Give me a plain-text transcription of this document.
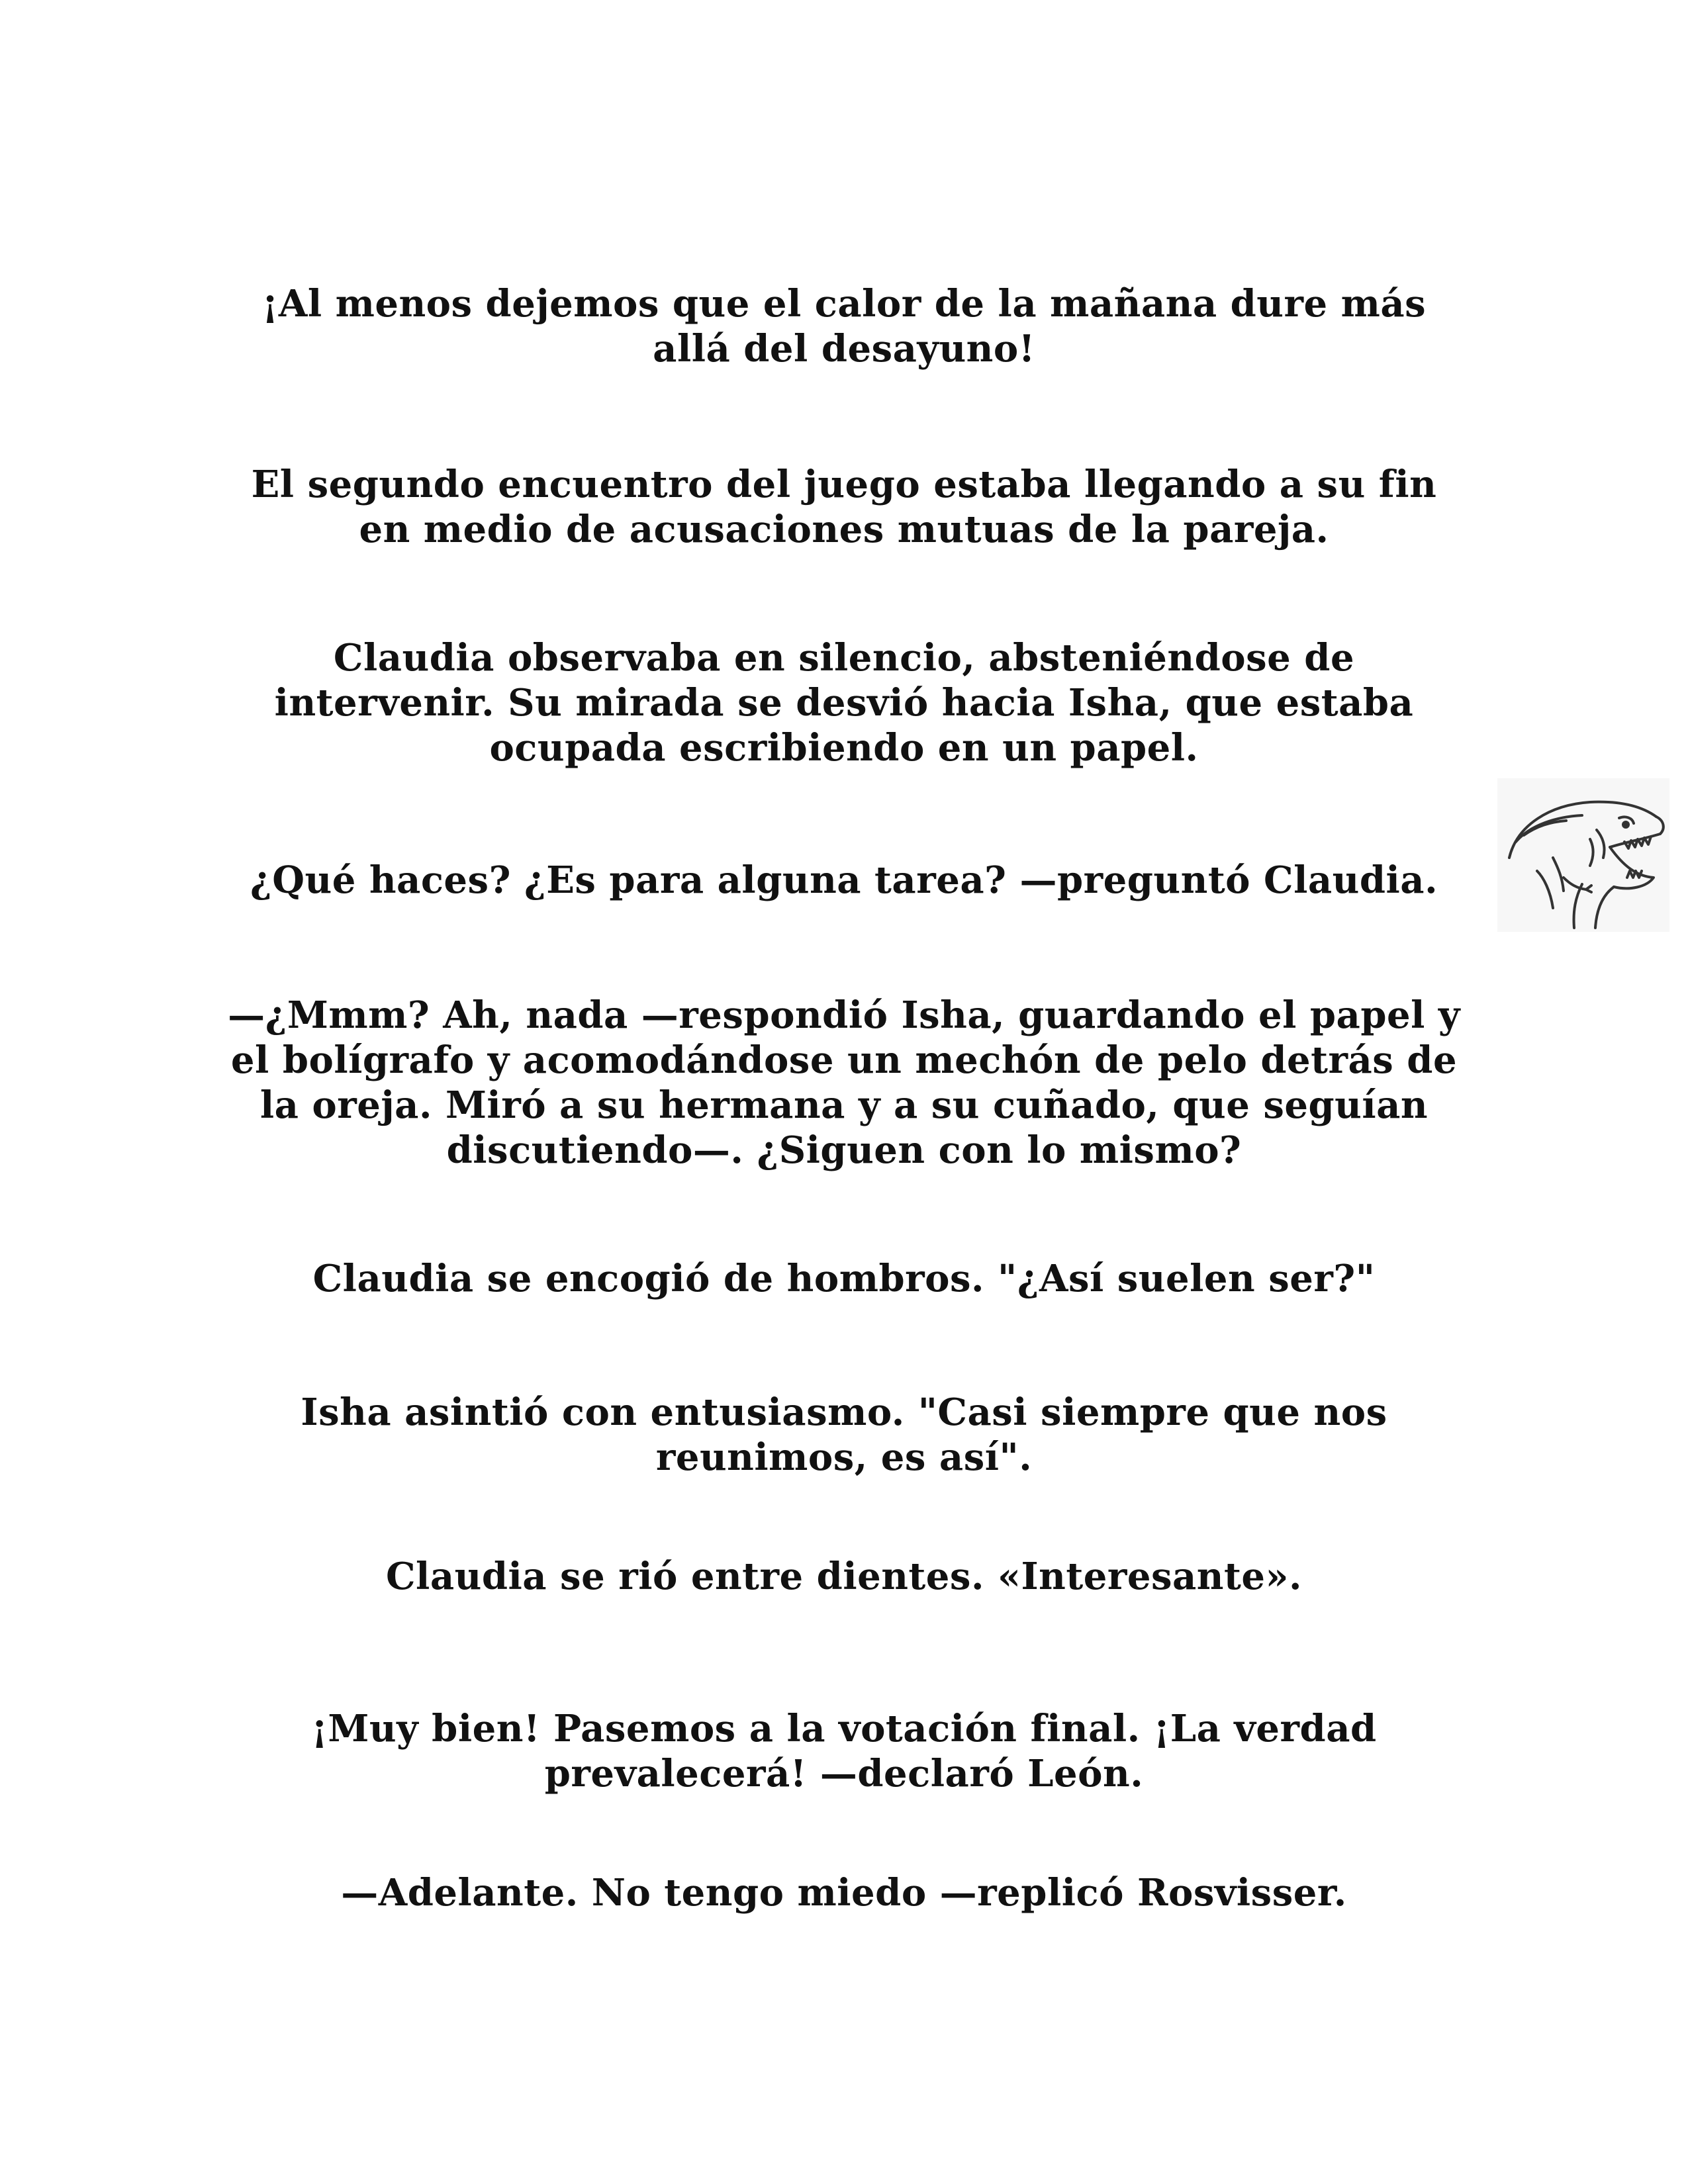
¡Al menos dejemos que el calor de la mañana dure más allá del desayuno!

El segundo encuentro del juego estaba llegando a su fin en medio de acusaciones mutuas de la pareja.

Claudia observaba en silencio, absteniéndose de intervenir. Su mirada se desvió hacia Isha, que estaba ocupada escribiendo en un papel.

¿Qué haces? ¿Es para alguna tarea? —preguntó Claudia.

—¿Mmm? Ah, nada —respondió Isha, guardando el papel y el bolígrafo y acomodándose un mechón de pelo detrás de la oreja. Miró a su hermana y a su cuñado, que seguían discutiendo—. ¿Siguen con lo mismo?

Claudia se encogió de hombros. "¿Así suelen ser?"

Isha asintió con entusiasmo. "Casi siempre que nos reunimos, es así".

Claudia se rió entre dientes. «Interesante».

¡Muy bien! Pasemos a la votación final. ¡La verdad prevalecerá! —declaró León.

—Adelante. No tengo miedo —replicó Rosvisser.
